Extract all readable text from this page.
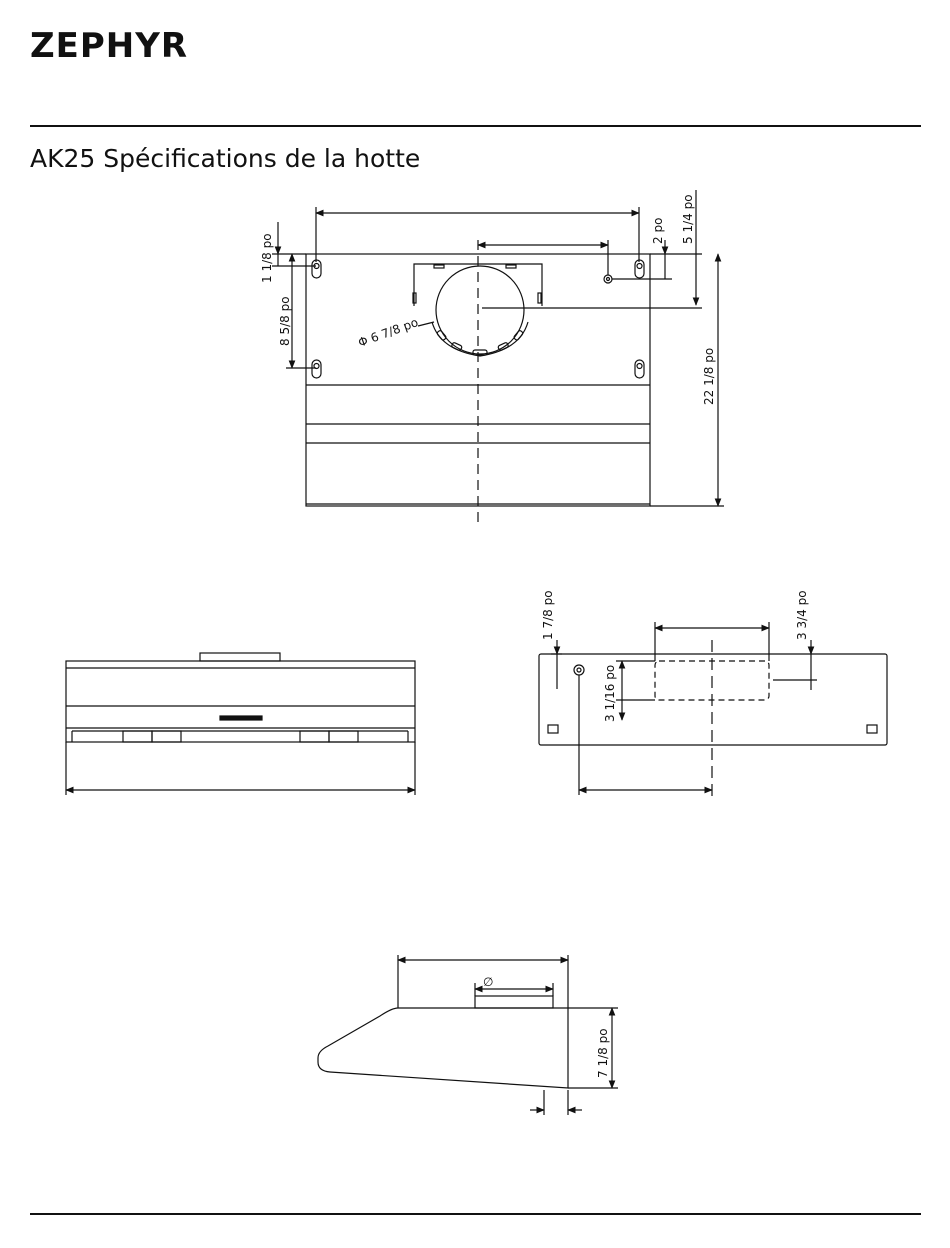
ZEPHYR
AK25 Spécifications de la hotte
1 1/8 po
8 5/8 po	Φ 6 7/8 po
2 po 5 1/4 po
22 1/8 po
1 7/8 po
3 1/16 po
3 3/4 po
∅
7 1/8 po
